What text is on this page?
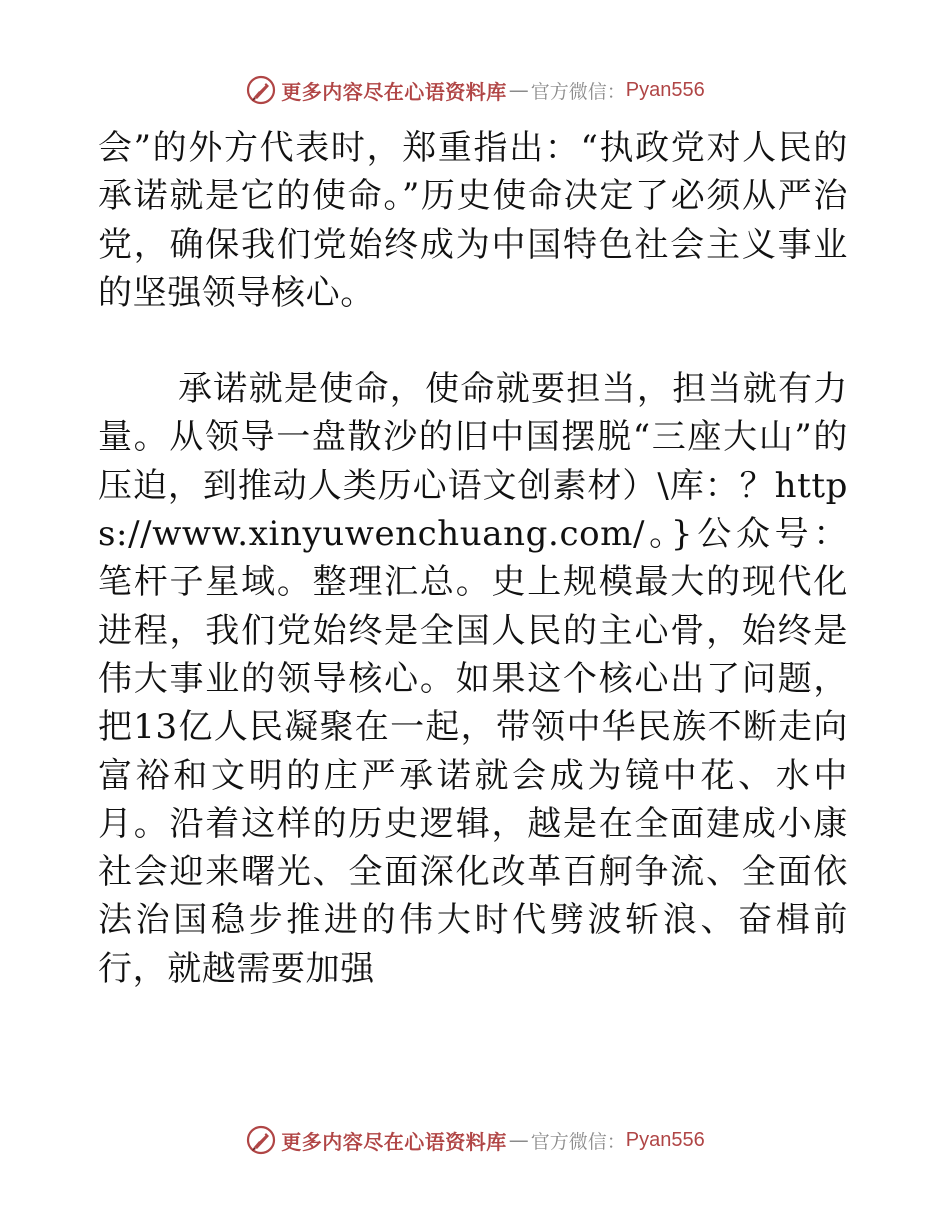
更多内容尽在心语资料库 — 官方微信： Pyan556

会”的外方代表时，郑重指出：“执政党对人民的承诺就是它的使命。”历史使命决定了必须从严治党，确保我们党始终成为中国特色社会主义事业的坚强领导核心。

承诺就是使命，使命就要担当，担当就有力量。从领导一盘散沙的旧中国摆脱“三座大山”的压迫，到推动人类历心语文创素材）\库：？https://www.xinyuwenchuang.com/。}公众号：笔杆子星域。整理汇总。史上规模最大的现代化进程，我们党始终是全国人民的主心骨，始终是伟大事业的领导核心。如果这个核心出了问题，把13亿人民凝聚在一起，带领中华民族不断走向富裕和文明的庄严承诺就会成为镜中花、水中月。沿着这样的历史逻辑，越是在全面建成小康社会迎来曙光、全面深化改革百舸争流、全面依法治国稳步推进的伟大时代劈波斩浪、奋楫前行，就越需要加强

更多内容尽在心语资料库 — 官方微信： Pyan556
